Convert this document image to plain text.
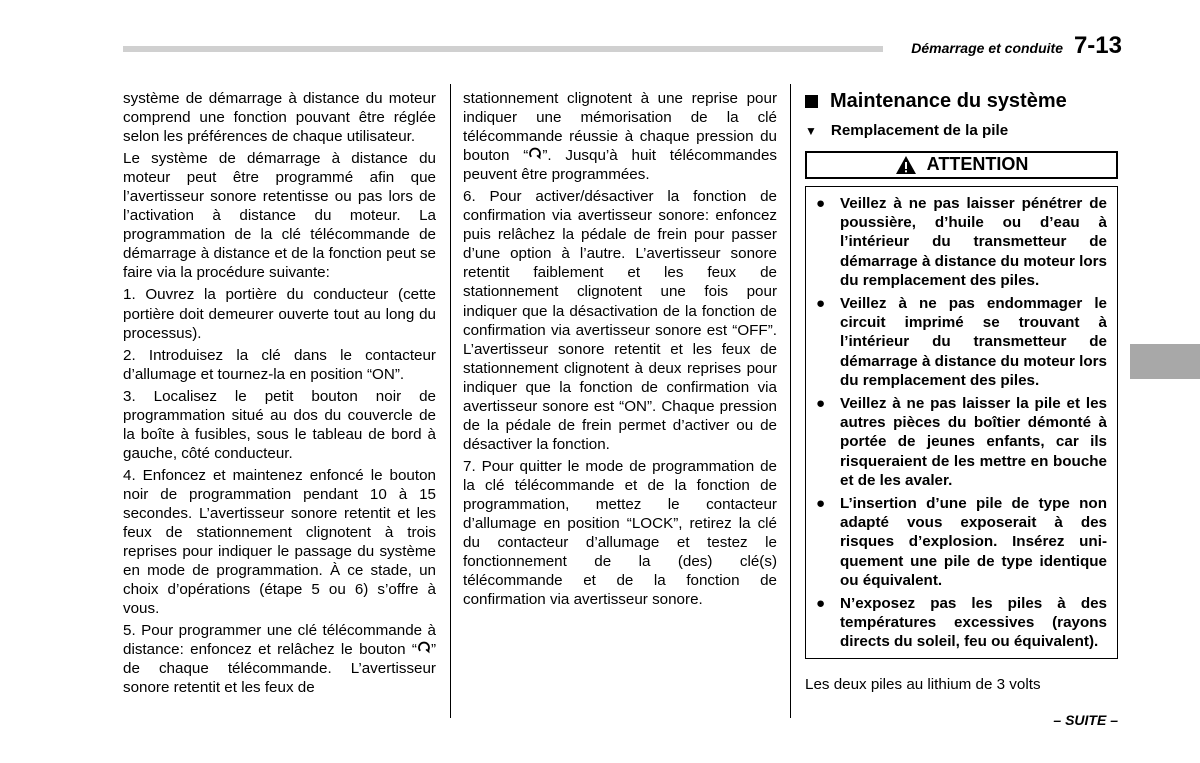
Démarrage et conduite 7-13

système de démarrage à distance du moteur comprend une fonction pouvant être réglée selon les préférences de chaque utilisateur.

Le système de démarrage à distance du moteur peut être programmé afin que l’avertisseur sonore retentisse ou pas lors de l’activation à distance du moteur. La programmation de la clé télécommande de démarrage à distance et de la fonction peut se faire via la procédure suivante:

1. Ouvrez la portière du conducteur (cette portière doit demeurer ouverte tout au long du processus).

2. Introduisez la clé dans le contacteur d’allumage et tournez-la en position “ON”.

3. Localisez le petit bouton noir de programmation situé au dos du couvercle de la boîte à fusibles, sous le tableau de bord à gauche, côté conducteur.

4. Enfoncez et maintenez enfoncé le bouton noir de programmation pendant 10 à 15 secondes. L’avertisseur sonore retentit et les feux de stationnement clignotent à trois reprises pour indiquer le passage du système en mode de programmation. À ce stade, un choix d’opérations (étape 5 ou 6) s’offre à vous.

5. Pour programmer une clé télécommande à distance: enfoncez et relâchez le bouton “ ” de chaque télécommande. L’avertisseur sonore retentit et les feux de

stationnement clignotent à une reprise pour indiquer une mémorisation de la clé télécommande réussie à chaque pression du bouton “ ”. Jusqu’à huit télécommandes peuvent être programmées.

6. Pour activer/désactiver la fonction de confirmation via avertisseur sonore: enfoncez puis relâchez la pédale de frein pour passer d’une option à l’autre. L’avertisseur sonore retentit faiblement et les feux de stationnement clignotent une fois pour indiquer que la désactivation de la fonction de confirmation via avertisseur sonore est “OFF”. L’avertisseur sonore retentit et les feux de stationnement clignotent à deux reprises pour indiquer que la fonction de confirmation via avertisseur sonore est “ON”. Chaque pression de la pédale de frein permet d’activer ou de désactiver la fonction.

7. Pour quitter le mode de programmation de la clé télécommande et de la fonction de programmation, mettez le contacteur d’allumage en position “LOCK”, retirez la clé du contacteur d’allumage et testez le fonctionnement de la (des) clé(s) télécommande et de la fonction de confirmation via avertisseur sonore.

Maintenance du système
▼ Remplacement de la pile
ATTENTION
● Veillez à ne pas laisser pénétrer de poussière, d’huile ou d’eau à l’intérieur du transmetteur de démarrage à distance du moteur lors du remplacement des piles.
● Veillez à ne pas endommager le circuit imprimé se trouvant à l’intérieur du transmetteur de démarrage à distance du moteur lors du remplacement des piles.
● Veillez à ne pas laisser la pile et les autres pièces du boîtier démonté à portée de jeunes enfants, car ils risqueraient de les mettre en bouche et de les avaler.
● L’insertion d’une pile de type non adapté vous exposerait à des risques d’explosion. Insérez uniquement une pile de type identique ou équivalent.
● N’exposez pas les piles à des températures excessives (rayons directs du soleil, feu ou équivalent).

Les deux piles au lithium de 3 volts

– SUITE –
